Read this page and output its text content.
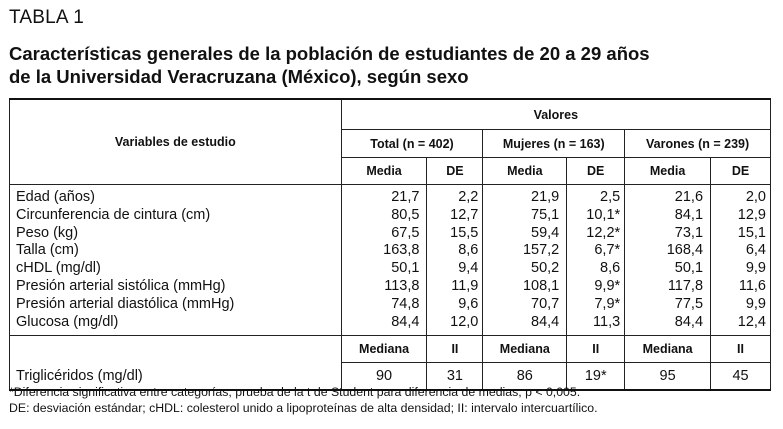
TABLA 1
Características generales de la población de estudiantes de 20 a 29 años
de la Universidad Veracruzana (México), según sexo
Variables de estudio	Valores					
	Total (n = 402)		Mujeres (n = 163)		Varones (n = 239)	
	Media	DE	Media	DE	Media	DE

Edad (años)	21,7	2,2	21,9	2,5	21,6	2,0
Circunferencia de cintura (cm)	80,5	12,7	75,1	10,1*	84,1	12,9
Peso (kg)	67,5	15,5	59,4	12,2*	73,1	15,1
Talla (cm)	163,8	8,6	157,2	6,7*	168,4	6,4
cHDL (mg/dl)	50,1	9,4	50,2	8,6	50,1	9,9
Presión arterial sistólica (mmHg)	113,8	11,9	108,1	9,9*	117,8	11,6
Presión arterial diastólica (mmHg)	74,8	9,6	70,7	7,9*	77,5	9,9
Glucosa (mg/dl)	84,4	12,0	84,4	11,3	84,4	12,4

	Mediana	II	Mediana	II	Mediana	II
Triglicéridos (mg/dl)	90	31	86	19*	95	45
*Diferencia significativa entre categorías, prueba de la t de Student para diferencia de medias, p < 0,005.
DE: desviación estándar; cHDL: colesterol unido a lipoproteínas de alta densidad; II: intervalo intercuartílico.
